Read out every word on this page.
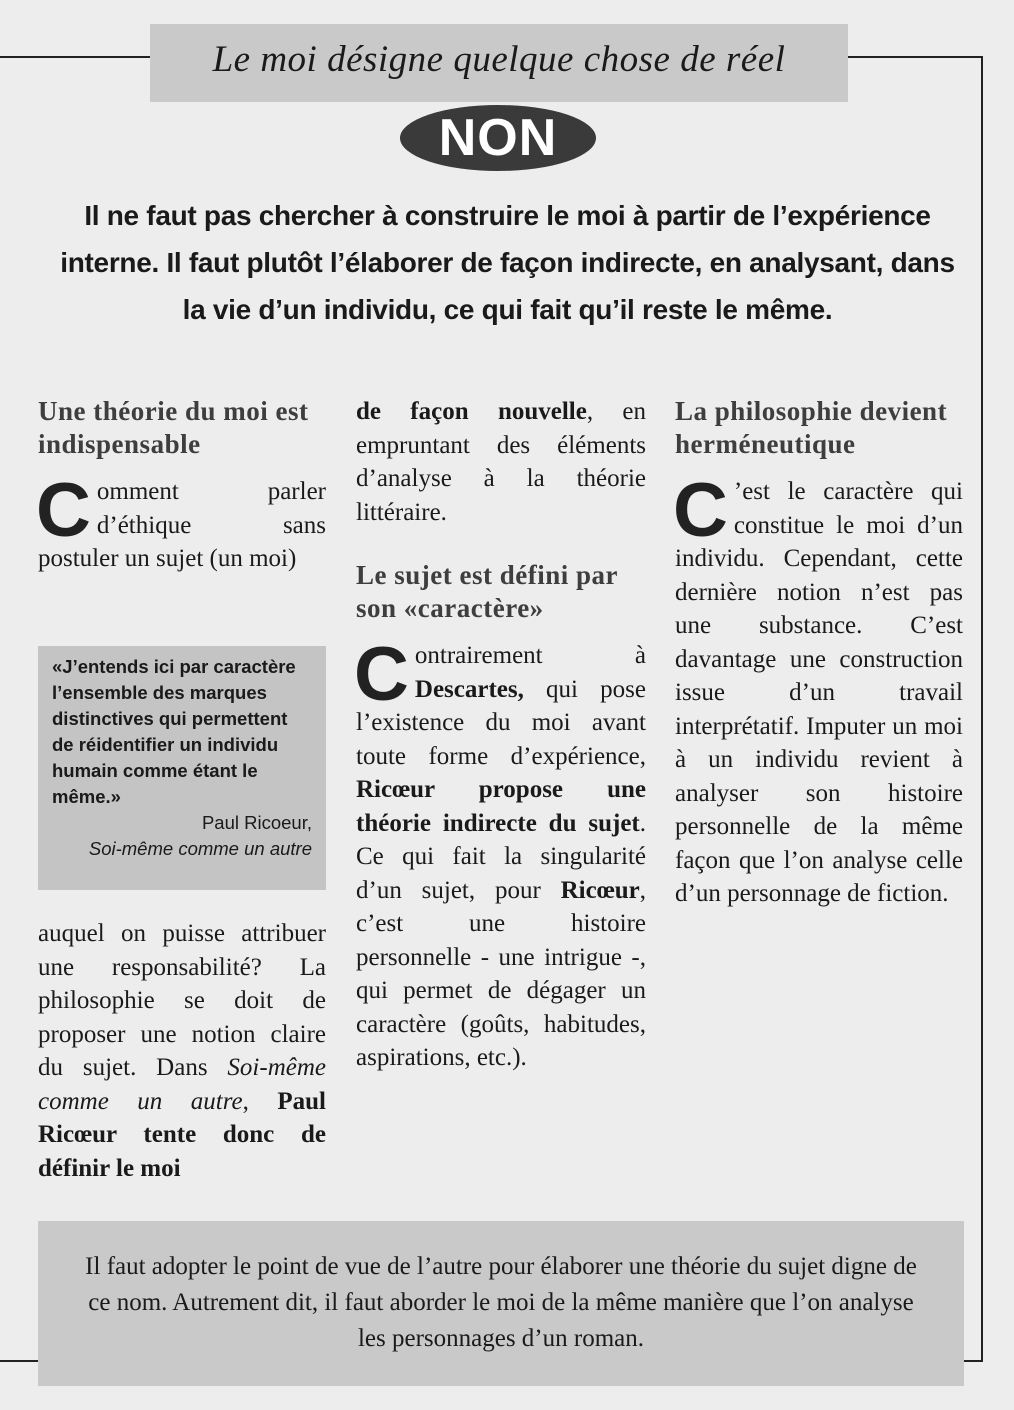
Le moi désigne quelque chose de réel
NON
Il ne faut pas chercher à construire le moi à partir de l’expérience interne. Il faut plutôt l’élaborer de façon indirecte, en analysant, dans la vie d’un individu, ce qui fait qu’il reste le même.
Une théorie du moi est indispensable

Comment parler d’éthique sans postuler un sujet (un moi)

«J’entends ici par caractère l’ensemble des marques distinctives qui permettent de réidentifier un individu humain comme étant le même.»
Paul Ricoeur,
Soi-même comme un autre

auquel on puisse attribuer une responsabilité? La philosophie se doit de proposer une notion claire du sujet. Dans Soi-même comme un autre, Paul Ricœur tente donc de définir le moi

de façon nouvelle, en empruntant des éléments d’analyse à la théorie littéraire.

Le sujet est défini par son «caractère»

Contrairement à Descartes, qui pose l’existence du moi avant toute forme d’expérience, Ricœur propose une théorie indirecte du sujet. Ce qui fait la singularité d’un sujet, pour Ricœur, c’est une histoire personnelle - une intrigue -, qui permet de dégager un caractère (goûts, habitudes, aspirations, etc.).

La philosophie devient herméneutique

C ’est le caractère qui constitue le moi d’un individu. Cependant, cette dernière notion n’est pas une substance. C’est davantage une construction issue d’un travail interprétatif. Imputer un moi à un individu revient à analyser son histoire personnelle de la même façon que l’on analyse celle d’un personnage de fiction.

Il faut adopter le point de vue de l’autre pour élaborer une théorie du sujet digne de ce nom. Autrement dit, il faut aborder le moi de la même manière que l’on analyse les personnages d’un roman.
